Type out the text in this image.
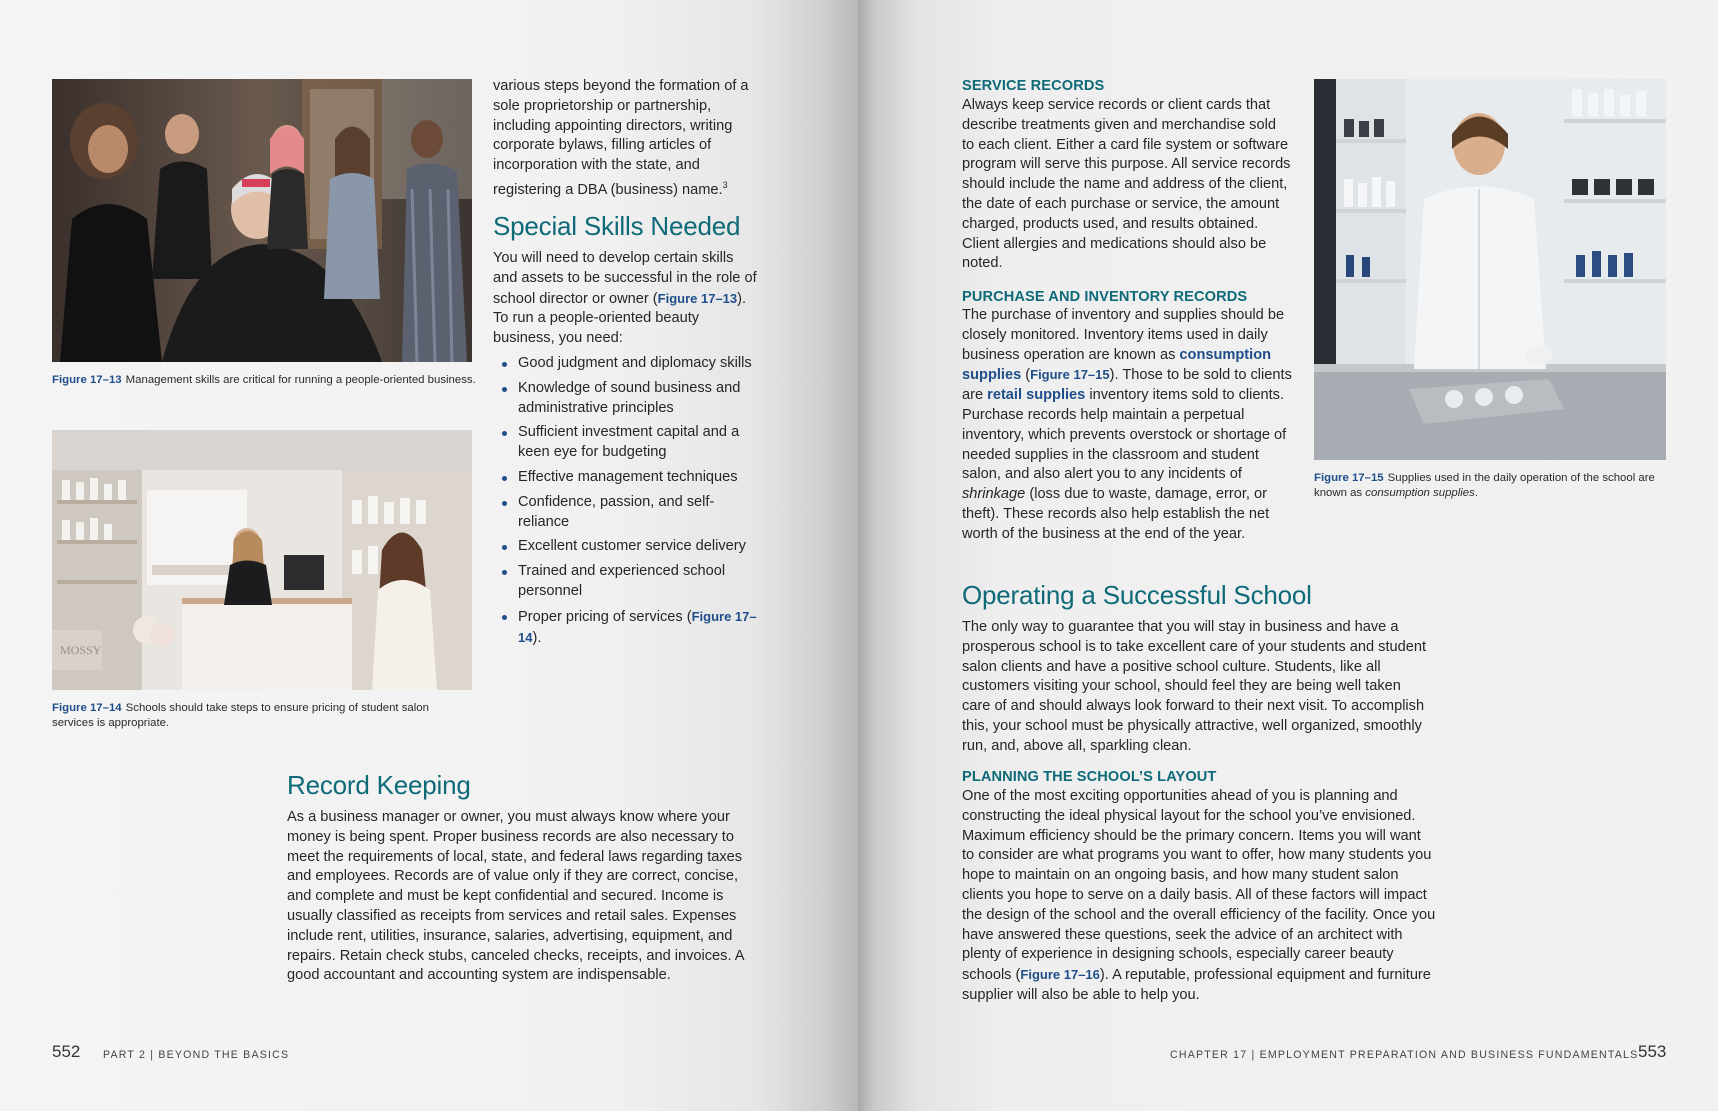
Figure 17–13 Management skills are critical for running a people-oriented business.
MOSSY
Figure 17–14 Schools should take steps to ensure pricing of student salon services is appropriate.
various steps beyond the formation of a sole proprietorship or partnership, including appointing directors, writing corporate bylaws, filling articles of incorporation with the state, and registering a DBA (business) name.$^3$
Special Skills Needed
You will need to develop certain skills and assets to be successful in the role of school director or owner (Figure 17–13). To run a people-oriented beauty business, you need:
Good judgment and diplomacy skills
Knowledge of sound business and administrative principles
Sufficient investment capital and a keen eye for budgeting
Effective management techniques
Confidence, passion, and self-reliance
Excellent customer service delivery
Trained and experienced school personnel
Proper pricing of services (Figure 17–14).
Record Keeping

As a business manager or owner, you must always know where your money is being spent. Proper business records are also necessary to meet the requirements of local, state, and federal laws regarding taxes and employees. Records are of value only if they are correct, concise, and complete and must be kept confidential and secured. Income is usually classified as receipts from services and retail sales. Expenses include rent, utilities, insurance, salaries, advertising, equipment, and repairs. Retain check stubs, canceled checks, receipts, and invoices. A good accountant and accounting system are indispensable.

552 PART 2 | BEYOND THE BASICS
SERVICE RECORDS

Always keep service records or client cards that describe treatments given and merchandise sold to each client. Either a card file system or software program will serve this purpose. All service records should include the name and address of the client, the date of each purchase or service, the amount charged, products used, and results obtained. Client allergies and medications should also be noted.

PURCHASE AND INVENTORY RECORDS

The purchase of inventory and supplies should be closely monitored. Inventory items used in daily business operation are known as consumption supplies (Figure 17–15). Those to be sold to clients are retail supplies inventory items sold to clients. Purchase records help maintain a perpetual inventory, which prevents overstock or shortage of needed supplies in the classroom and student salon, and also alert you to any incidents of shrinkage (loss due to waste, damage, error, or theft). These records also help establish the net worth of the business at the end of the year.

Figure 17–15 Supplies used in the daily operation of the school are known as consumption supplies.
Operating a Successful School

The only way to guarantee that you will stay in business and have a prosperous school is to take excellent care of your students and student salon clients and have a positive school culture. Students, like all customers visiting your school, should feel they are being well taken care of and should always look forward to their next visit. To accomplish this, your school must be physically attractive, well organized, smoothly run, and, above all, sparkling clean.

PLANNING THE SCHOOL’S LAYOUT

One of the most exciting opportunities ahead of you is planning and constructing the ideal physical layout for the school you’ve envisioned. Maximum efficiency should be the primary concern. Items you will want to consider are what programs you want to offer, how many students you hope to maintain on an ongoing basis, and how many student salon clients you hope to serve on a daily basis. All of these factors will impact the design of the school and the overall efficiency of the facility. Once you have answered these questions, seek the advice of an architect with plenty of experience in designing schools, especially career beauty schools (Figure 17–16). A reputable, professional equipment and furniture supplier will also be able to help you.

CHAPTER 17 | EMPLOYMENT PREPARATION AND BUSINESS FUNDAMENTALS 553
